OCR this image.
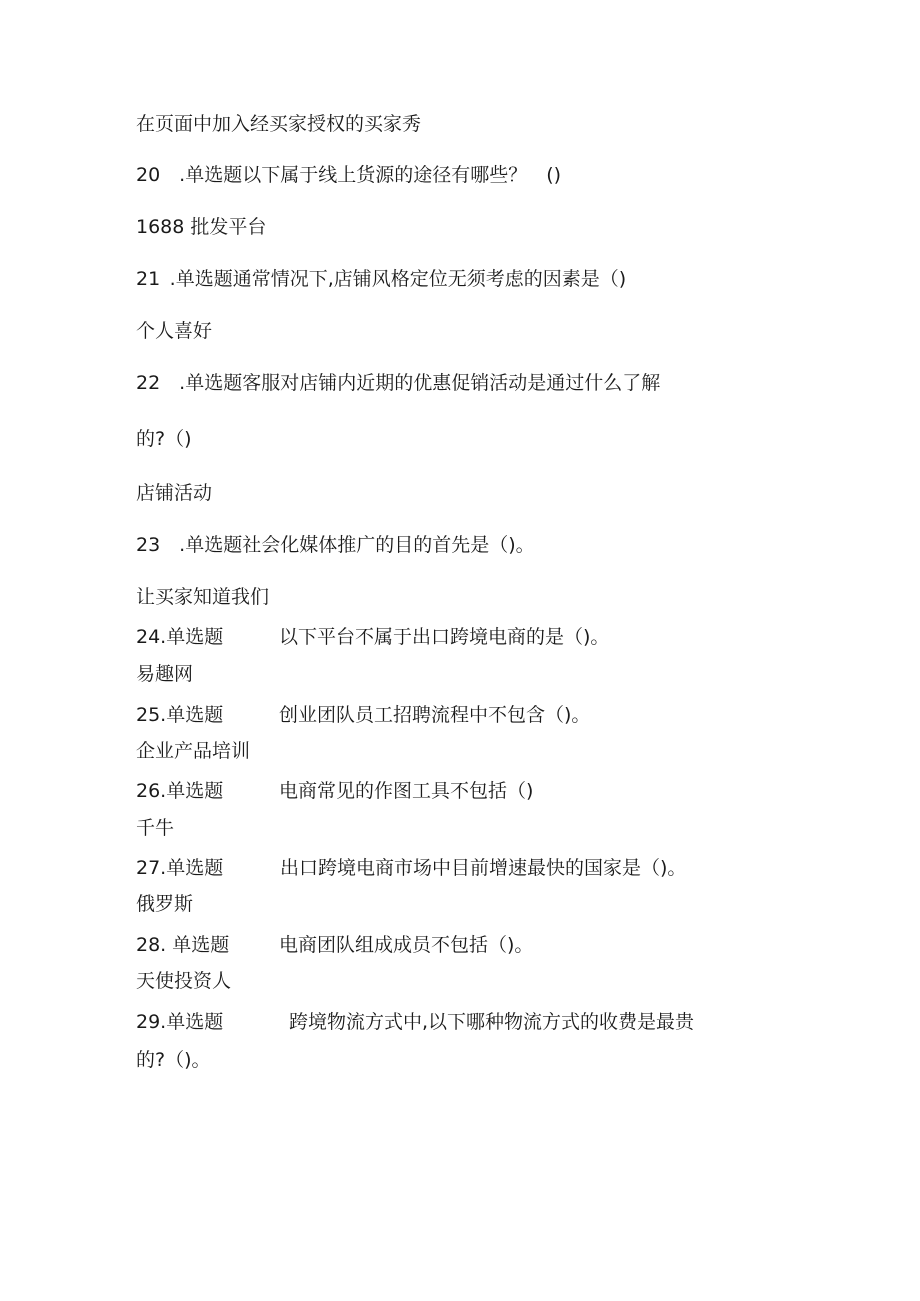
在页面中加入经买家授权的买家秀
20 .单选题以下属于线上货源的途径有哪些？ ()
1688 批发平台
21 .单选题通常情况下,店铺风格定位无须考虑的因素是（)
个人喜好
22 .单选题客服对店铺内近期的优惠促销活动是通过什么了解
的?（)
店铺活动
23 .单选题社会化媒体推广的目的首先是（)。
让买家知道我们
24.单选题	以下平台不属于出口跨境电商的是（)。
易趣网
25.单选题	创业团队员工招聘流程中不包含（)。
企业产品培训
26.单选题	电商常见的作图工具不包括（)
千牛
27.单选题	出口跨境电商市场中目前增速最快的国家是（)。
俄罗斯
28. 单选题	电商团队组成成员不包括（)。
天使投资人
29.单选题	跨境物流方式中,以下哪种物流方式的收费是最贵
的?（)。
